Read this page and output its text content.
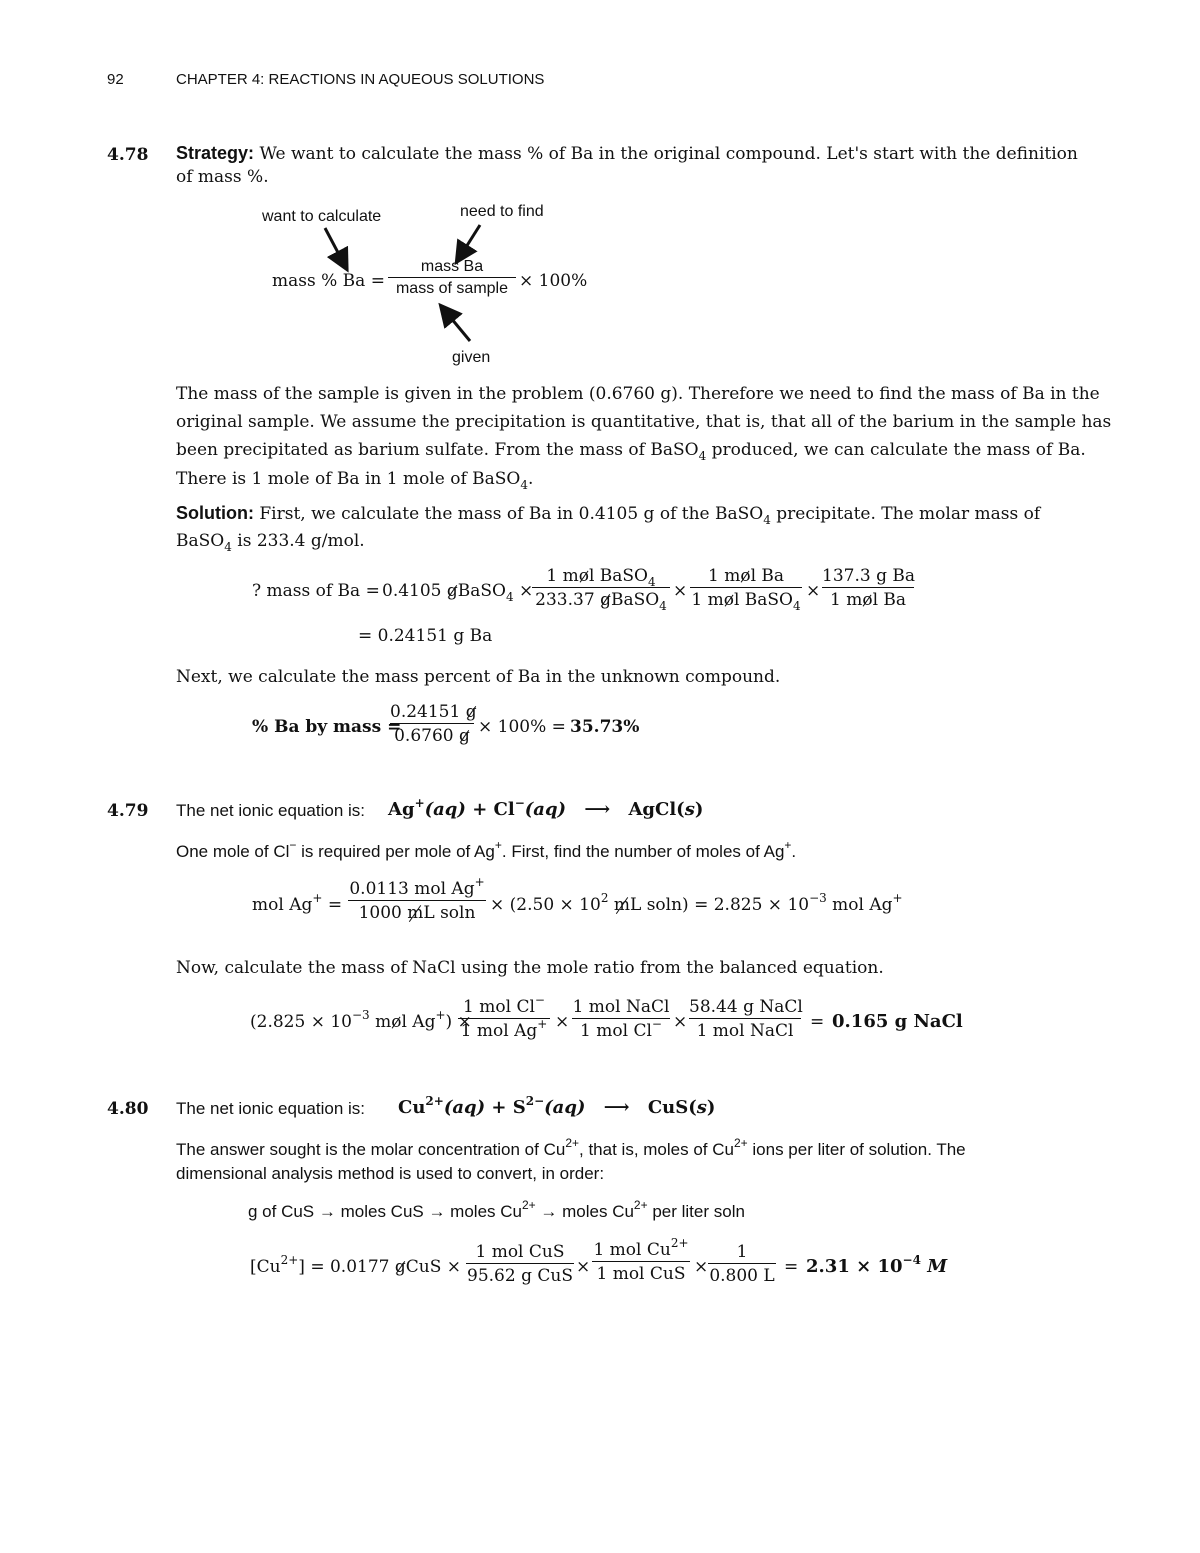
92	CHAPTER 4: REACTIONS IN AQUEOUS SOLUTIONS
4.78 Strategy: We want to calculate the mass % of Ba in the original compound. Let's start with the definition
of mass %.
want to calculate	need to find
mass % Ba =
mass Ba
mass of sample × 100%
given
The mass of the sample is given in the problem (0.6760 g). Therefore we need to find the mass of Ba in the
original sample. We assume the precipitation is quantitative, that is, that all of the barium in the sample has
been precipitated as barium sulfate. From the mass of BaSO$_4$ produced, we can calculate the mass of Ba.
There is 1 mole of Ba in 1 mole of BaSO$_4$.
Solution: First, we calculate the mass of Ba in 0.4105 g of the BaSO$_4$ precipitate. The molar mass of
BaSO$_4$ is 233.4 g/mol.
? mass of Ba = 0.4105 gBaSO$_4$ ×
1 mol BaSO$_4$
233.37 gBaSO$_4$
×
1 mol Ba
1 mol BaSO$_4$
×
137.3 g Ba
1 mol Ba
= 0.24151 g Ba
Next, we calculate the mass percent of Ba in the unknown compound.
% Ba by mass =
0.24151 g
0.6760 g × 100% = 35.73%
4.79 The net ionic equation is: Ag+(aq) + Cl−(aq) ⟶ AgCl(s)
One mole of Cl− is required per mole of Ag+. First, find the number of moles of Ag+.
mol Ag+ =
0.0113 mol Ag+
1000 mL $soln \times (2.50 \times 10^2$ mL $soln) = 2.825 \times 10^{-3}$ mol Ag+
Now, calculate the mass of NaCl using the mole ratio from the balanced equation.
($2.825 \times 10^{-3}$ mol Ag+) ×
1 mol Cl−
1 mol Ag+ ×
1 mol NaCl
1 mol Cl− ×
58.44 g NaCl
1 mol NaCl = 0.165 g NaCl
4.80 The net ionic equation is: $Cu^{2+}(aq) + S^{2-}(aq)$ ⟶ CuS(s)
The answer sought is the molar concentration of $Cu^{2+}$, that is, moles of $Cu^{2+}$ ions per liter of solution. The
dimensional analysis method is used to convert, in order:
g of CuS → moles CuS → moles $Cu^{2+}$ → moles $Cu^{2+}$ per liter soln
$[Cu^{2+}] = 0.0177$ gCuS ×
1 mol CuS
95.62 g CuS ×
1 mol $Cu^{2+}$
1 mol CuS ×
1
0.800 $L = 2.31 \times 10^{-4}$ M
